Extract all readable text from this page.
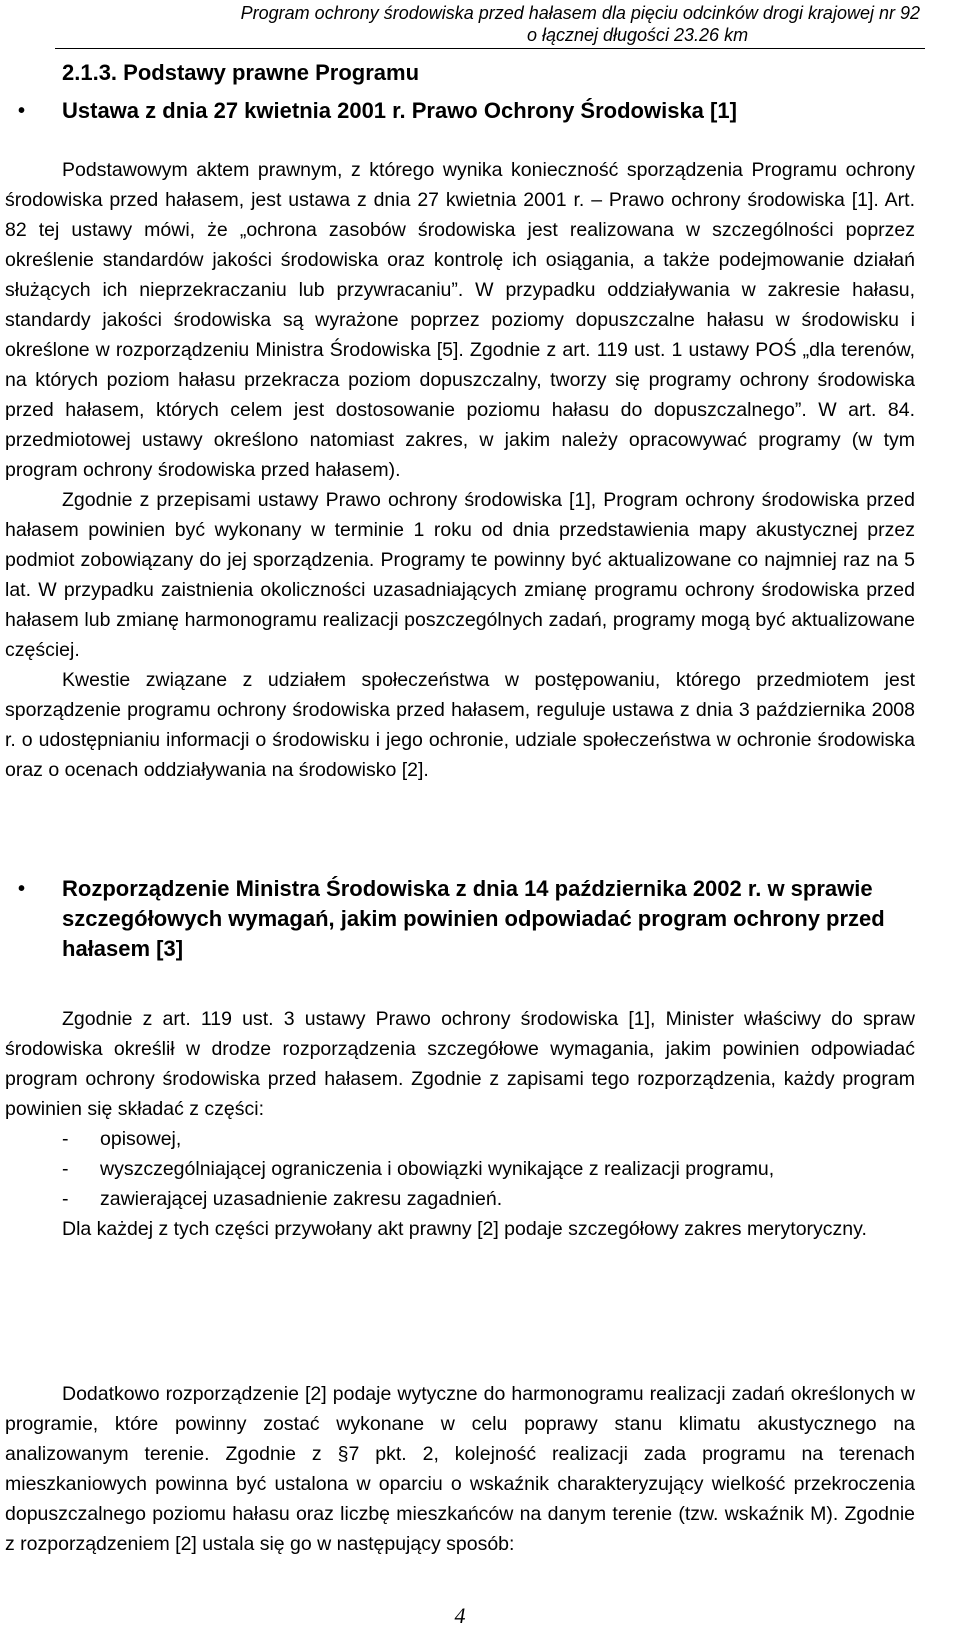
Program ochrony środowiska przed hałasem dla pięciu odcinków drogi krajowej nr 92
o łącznej długości 23.26 km
2.1.3. Podstawy prawne Programu
• Ustawa z dnia 27 kwietnia 2001 r. Prawo Ochrony Środowiska [1]

Podstawowym aktem prawnym, z którego wynika konieczność sporządzenia Programu ochrony środowiska przed hałasem, jest ustawa z dnia 27 kwietnia 2001 r. – Prawo ochrony środowiska [1]. Art. 82 tej ustawy mówi, że „ochrona zasobów środowiska jest realizowana w szczególności poprzez określenie standardów jakości środowiska oraz kontrolę ich osiągania, a także podejmowanie działań służących ich nieprzekraczaniu lub przywracaniu”. W przypadku oddziaływania w zakresie hałasu, standardy jakości środowiska są wyrażone poprzez poziomy dopuszczalne hałasu w środowisku i określone w rozporządzeniu Ministra Środowiska [5]. Zgodnie z art. 119 ust. 1 ustawy POŚ „dla terenów, na których poziom hałasu przekracza poziom dopuszczalny, tworzy się programy ochrony środowiska przed hałasem, których celem jest dostosowanie poziomu hałasu do dopuszczalnego”. W art. 84. przedmiotowej ustawy określono natomiast zakres, w jakim należy opracowywać programy (w tym program ochrony środowiska przed hałasem).

Zgodnie z przepisami ustawy Prawo ochrony środowiska [1], Program ochrony środowiska przed hałasem powinien być wykonany w terminie 1 roku od dnia przedstawienia mapy akustycznej przez podmiot zobowiązany do jej sporządzenia. Programy te powinny być aktualizowane co najmniej raz na 5 lat. W przypadku zaistnienia okoliczności uzasadniających zmianę programu ochrony środowiska przed hałasem lub zmianę harmonogramu realizacji poszczególnych zadań, programy mogą być aktualizowane częściej.

Kwestie związane z udziałem społeczeństwa w postępowaniu, którego przedmiotem jest sporządzenie programu ochrony środowiska przed hałasem, reguluje ustawa z dnia 3 października 2008 r. o udostępnianiu informacji o środowisku i jego ochronie, udziale społeczeństwa w ochronie środowiska oraz o ocenach oddziaływania na środowisko [2].

• Rozporządzenie Ministra Środowiska z dnia 14 października 2002 r. w sprawie szczegółowych wymagań, jakim powinien odpowiadać program ochrony przed hałasem [3]

Zgodnie z art. 119 ust. 3 ustawy Prawo ochrony środowiska [1], Minister właściwy do spraw środowiska określił w drodze rozporządzenia szczegółowe wymagania, jakim powinien odpowiadać program ochrony środowiska przed hałasem. Zgodnie z zapisami tego rozporządzenia, każdy program powinien się składać z części:

- opisowej,
- wyszczególniającej ograniczenia i obowiązki wynikające z realizacji programu,
- zawierającej uzasadnienie zakresu zagadnień.

Dla każdej z tych części przywołany akt prawny [2] podaje szczegółowy zakres merytoryczny.

Dodatkowo rozporządzenie [2] podaje wytyczne do harmonogramu realizacji zadań określonych w programie, które powinny zostać wykonane w celu poprawy stanu klimatu akustycznego na analizowanym terenie. Zgodnie z §7 pkt. 2, kolejność realizacji zada programu na terenach mieszkaniowych powinna być ustalona w oparciu o wskaźnik charakteryzujący wielkość przekroczenia dopuszczalnego poziomu hałasu oraz liczbę mieszkańców na danym terenie (tzw. wskaźnik M). Zgodnie z rozporządzeniem [2] ustala się go w następujący sposób:

4
